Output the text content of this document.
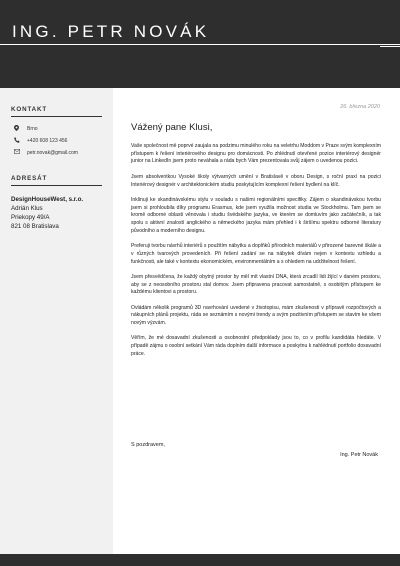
ING. PETR NOVÁK
KONTAKT
Brno
+420 608 123 456
petr.novak@gmail.com
ADRESÁT
DesignHouseWest, s.r.o.
Adrián Klus
Priekopy 49/A
821 08 Bratislava
26. března 2020
Vážený pane Klusi,

Vaše společnost mě poprvé zaujala na podzimu minulého roku na veletrhu Moddom v Praze svým komplexním přístupem k řešení interiérového designu pro domácnosti. Po zhlédnutí otevřené pozice interiérový designér junior na LinkedIn jsem proto neváhala a ráda bych Vám prezentovala svůj zájem o uvedenou pozici.

Jsem absolventkou Vysoké školy výtvarných umění v Bratislavě v oboru Design, s roční praxí na pozici Interiérový designér v architektonickém studiu poskytujícím komplexní řešení bydlení na klíč.

Inklinuji ke skandinávskému stylu v souladu s našimi regionálními specifiky. Zájem o skandinávskou tvorbu jsem si prohloubila díky programu Erasmus, kde jsem využila možnost studia ve Stockholmu. Tam jsem se kromě odborné oblasti věnovala i studiu švédského jazyka, ve kterém se domluvím jako začátečník, a tak spolu s aktivní znalostí anglického a německého jazyka mám přehled i k širšímu spektru odborné literatury původního a moderního designu.

Preferuji tvorbu návrhů interiérů s použitím nábytku a doplňků přírodních materiálů v přirozené barevné škále a v různých tvarových provedeních. Při řešení zadání se na nábytek dívám nejen v kontextu vzhledu a funkčnosti, ale také v kontextu ekonomickém, environmentálním a s ohledem na udržitelnost řešení.

Jsem přesvědčena, že každý obytný prostor by měl mít vlastní DNA, která zrcadlí lidi žijící v daném prostoru, aby se z neosobního prostoru stal domov. Jsem připravena pracovat samostatně, s osobitým přístupem ke každému klientovi a prostoru.

Ovládám několik programů 3D navrhování uvedené v životopisu, mám zkušenosti v přípravě rozpočtových a nákupních plánů projektu, ráda se seznámím s novými trendy a svým pozitivním přístupem se stavím ke všem novým výzvám.

Věřím, že mé dosavadní zkušenosti a osobnostní předpoklady jsou to, co v profilu kandidáta hledáte. V případě zájmu o osobní setkání Vám ráda doplním další informace a poskytnu k nahlédnutí portfolio dosavadní práce.

S pozdravem,
Ing. Petr Novák
